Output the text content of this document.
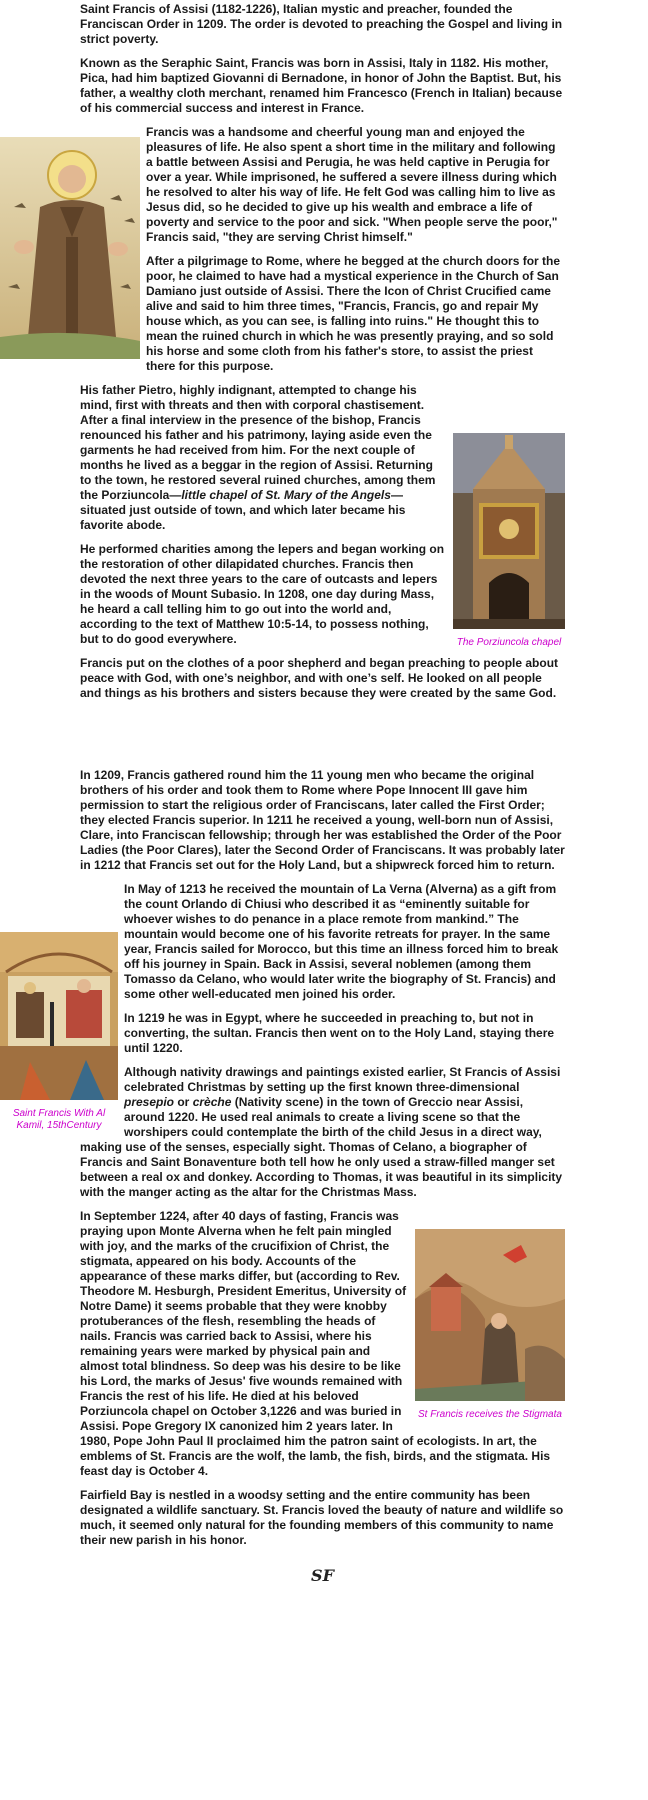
Saint Francis of Assisi (1182-1226), Italian mystic and preacher, founded the Franciscan Order in 1209. The order is devoted to preaching the Gospel and living in strict poverty.

Known as the Seraphic Saint, Francis was born in Assisi, Italy in 1182. His mother, Pica, had him baptized Giovanni di Bernadone, in honor of John the Baptist. But, his father, a wealthy cloth merchant, renamed him Francesco (French in Italian) because of his commercial success and interest in France.

Francis was a handsome and cheerful young man and enjoyed the pleasures of life. He also spent a short time in the military and following a battle between Assisi and Perugia, he was held captive in Perugia for over a year. While imprisoned, he suffered a severe illness during which he resolved to alter his way of life. He felt God was calling him to live as Jesus did, so he decided to give up his wealth and embrace a life of poverty and service to the poor and sick. "When people serve the poor," Francis said, "they are serving Christ himself."

After a pilgrimage to Rome, where he begged at the church doors for the poor, he claimed to have had a mystical experience in the Church of San Damiano just outside of Assisi. There the Icon of Christ Crucified came alive and said to him three times, "Francis, Francis, go and repair My house which, as you can see, is falling into ruins." He thought this to mean the ruined church in which he was presently praying, and so sold his horse and some cloth from his father's store, to assist the priest there for this purpose.

The Porziuncola chapel

His father Pietro, highly indignant, attempted to change his mind, first with threats and then with corporal chastisement. After a final interview in the presence of the bishop, Francis renounced his father and his patrimony, laying aside even the garments he had received from him. For the next couple of months he lived as a beggar in the region of Assisi. Returning to the town, he restored several ruined churches, among them the Porziuncola—little chapel of St. Mary of the Angels—situated just outside of town, and which later became his favorite abode.

He performed charities among the lepers and began working on the restoration of other dilapidated churches. Francis then devoted the next three years to the care of outcasts and lepers in the woods of Mount Subasio. In 1208, one day during Mass, he heard a call telling him to go out into the world and, according to the text of Matthew 10:5-14, to possess nothing, but to do good everywhere.

Francis put on the clothes of a poor shepherd and began preaching to people about peace with God, with one’s neighbor, and with one’s self. He looked on all people and things as his brothers and sisters because they were created by the same God.

In 1209, Francis gathered round him the 11 young men who became the original brothers of his order and took them to Rome where Pope Innocent III gave him permission to start the religious order of Franciscans, later called the First Order; they elected Francis superior. In 1211 he received a young, well-born nun of Assisi, Clare, into Franciscan fellowship; through her was established the Order of the Poor Ladies (the Poor Clares), later the Second Order of Franciscans. It was probably later in 1212 that Francis set out for the Holy Land, but a shipwreck forced him to return.

Saint Francis With Al Kamil, 15thCentury

In May of 1213 he received the mountain of La Verna (Alverna) as a gift from the count Orlando di Chiusi who described it as “eminently suitable for whoever wishes to do penance in a place remote from mankind.” The mountain would become one of his favorite retreats for prayer. In the same year, Francis sailed for Morocco, but this time an illness forced him to break off his journey in Spain. Back in Assisi, several noblemen (among them Tomasso da Celano, who would later write the biography of St. Francis) and some other well-educated men joined his order.

In 1219 he was in Egypt, where he succeeded in preaching to, but not in converting, the sultan. Francis then went on to the Holy Land, staying there until 1220.

Although nativity drawings and paintings existed earlier, St Francis of Assisi celebrated Christmas by setting up the first known three-dimensional presepio or crèche (Nativity scene) in the town of Greccio near Assisi, around 1220. He used real animals to create a living scene so that the worshipers could contemplate the birth of the child Jesus in a direct way, making use of the senses, especially sight. Thomas of Celano, a biographer of Francis and Saint Bonaventure both tell how he only used a straw-filled manger set between a real ox and donkey. According to Thomas, it was beautiful in its simplicity with the manger acting as the altar for the Christmas Mass.

St Francis receives the Stigmata

In September 1224, after 40 days of fasting, Francis was praying upon Monte Alverna when he felt pain mingled with joy, and the marks of the crucifixion of Christ, the stigmata, appeared on his body. Accounts of the appearance of these marks differ, but (according to Rev. Theodore M. Hesburgh, President Emeritus, University of Notre Dame) it seems probable that they were knobby protuberances of the flesh, resembling the heads of nails. Francis was carried back to Assisi, where his remaining years were marked by physical pain and almost total blindness. So deep was his desire to be like his Lord, the marks of Jesus' five wounds remained with Francis the rest of his life. He died at his beloved Porziuncola chapel on October 3,1226 and was buried in Assisi. Pope Gregory IX canonized him 2 years later. In 1980, Pope John Paul II proclaimed him the patron saint of ecologists. In art, the emblems of St. Francis are the wolf, the lamb, the fish, birds, and the stigmata. His feast day is October 4.

Fairfield Bay is nestled in a woodsy setting and the entire community has been designated a wildlife sanctuary. St. Francis loved the beauty of nature and wildlife so much, it seemed only natural for the founding members of this community to name their new parish in his honor.

SF
